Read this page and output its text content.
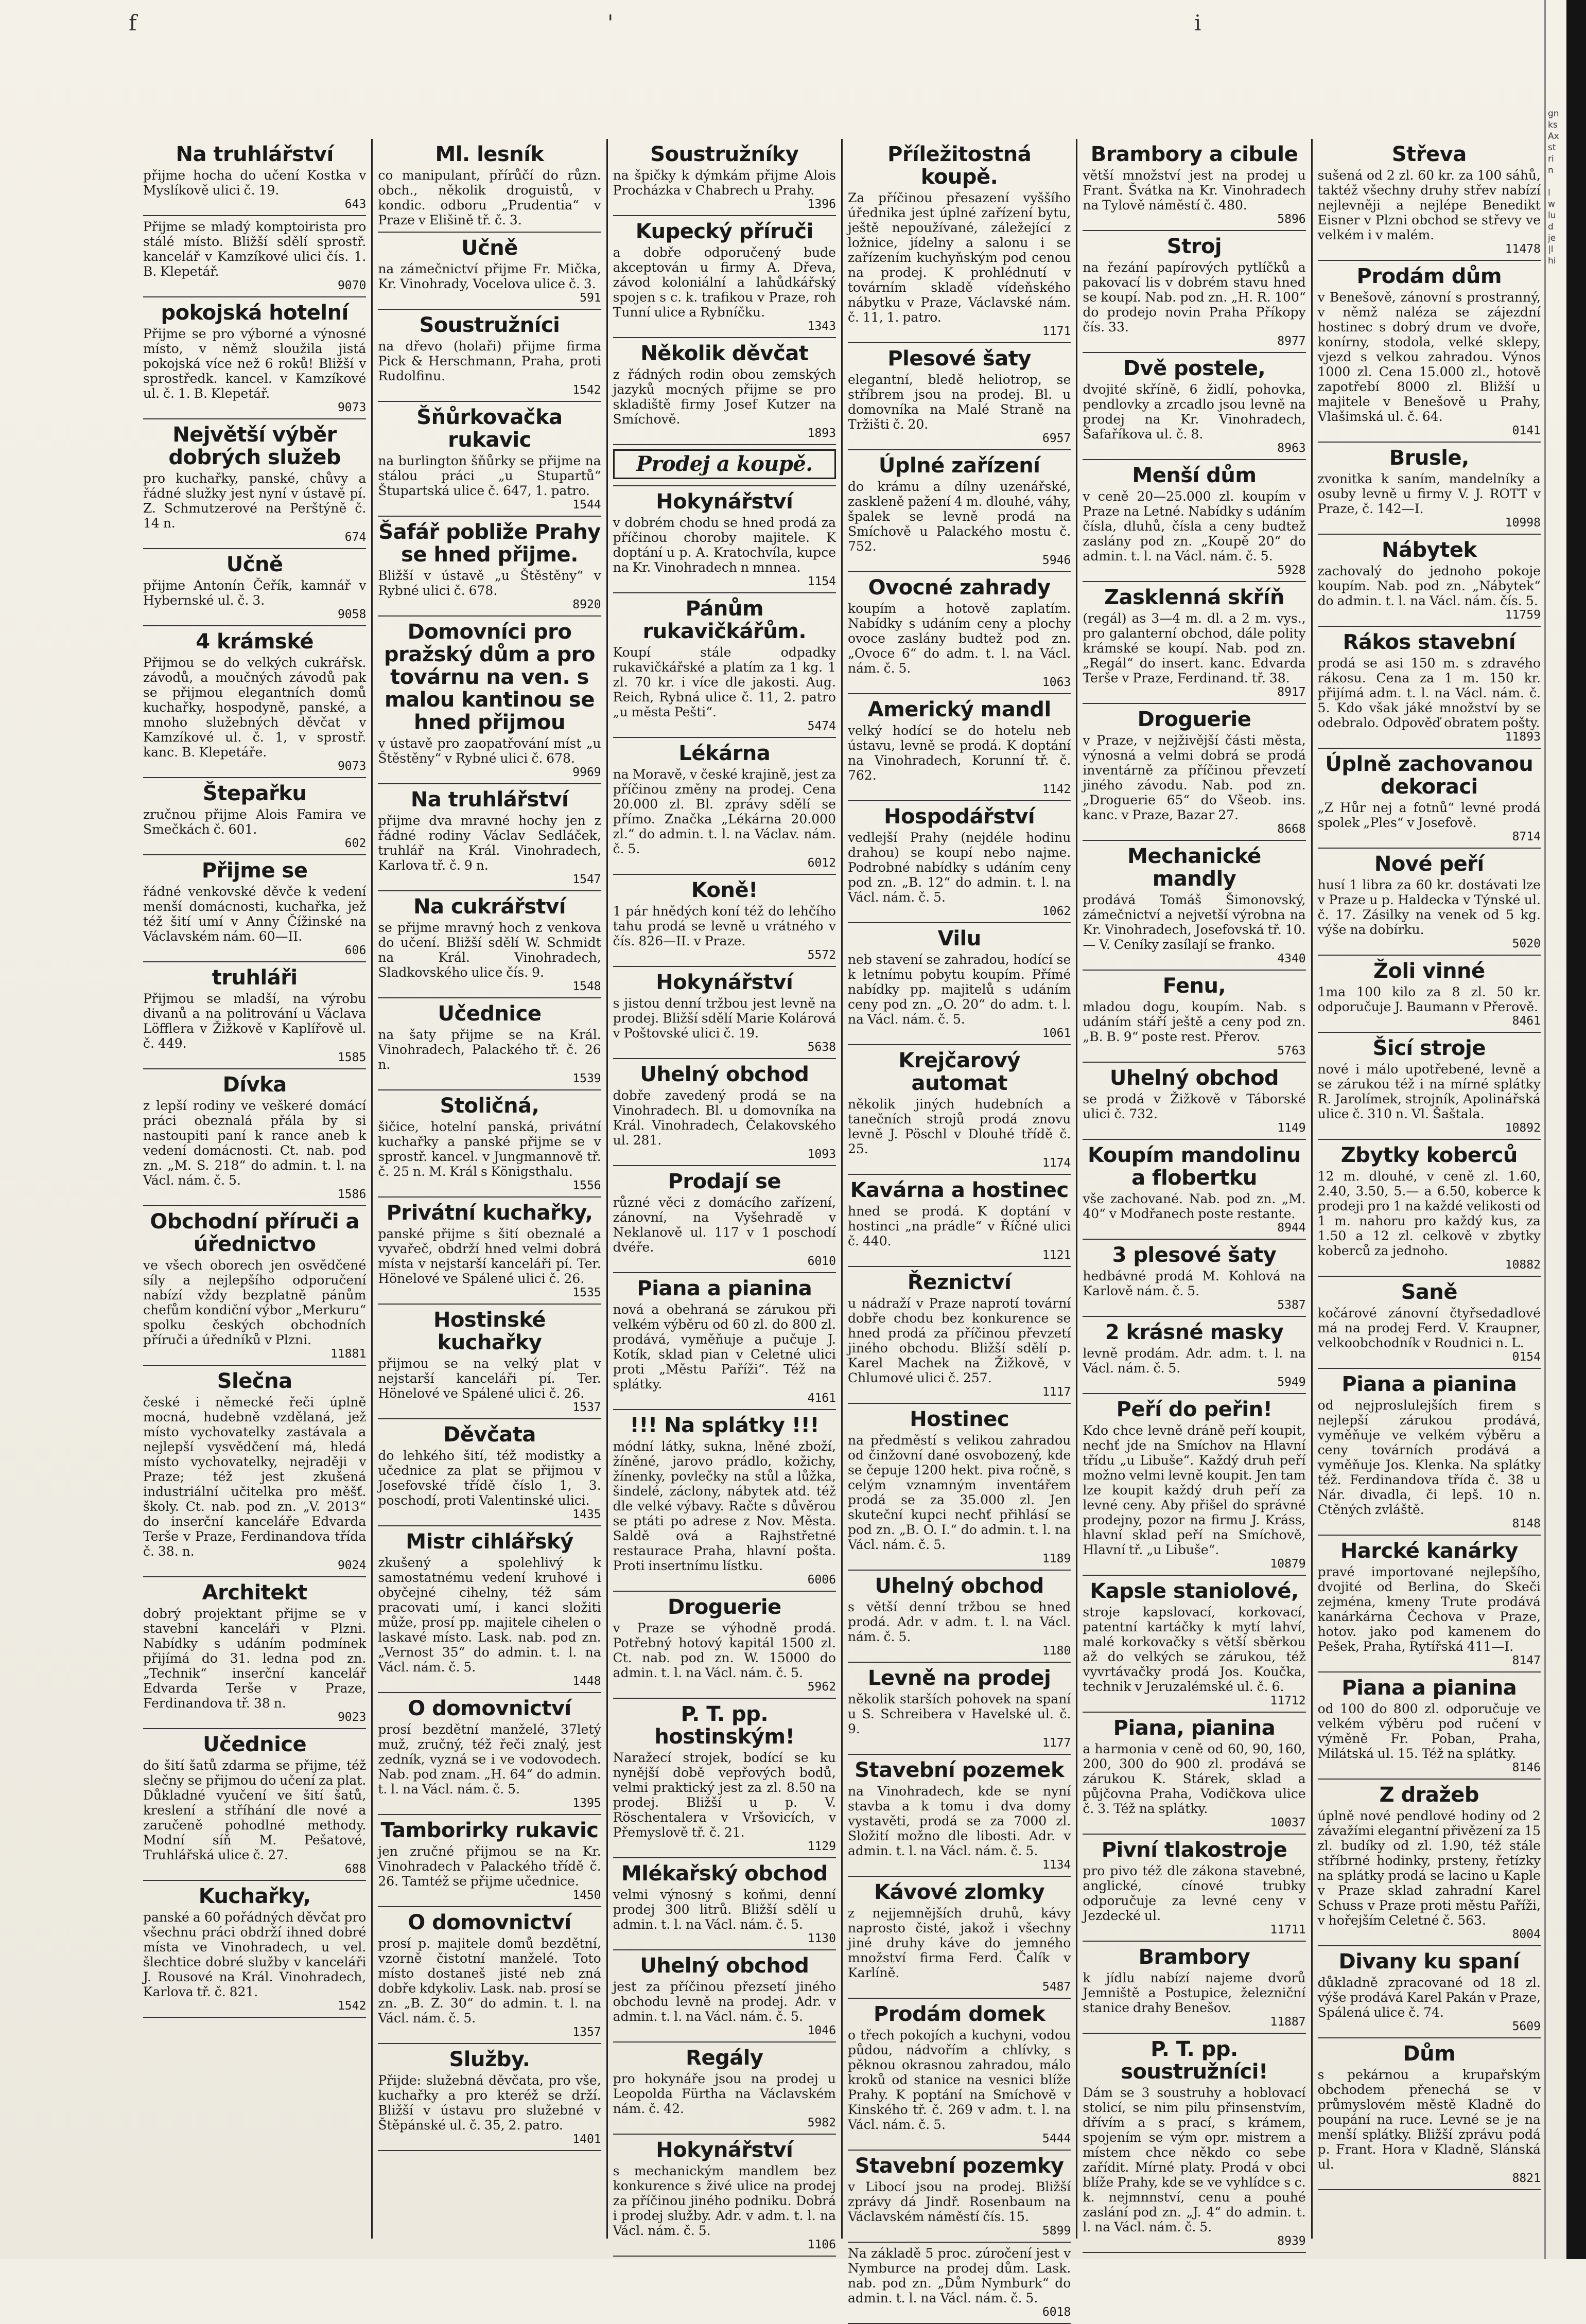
f	'	i
gn
ks
Ax
st
ri
n

l
w
lu
d
je
|l
hi
Na truhlářství
přijme hocha do učení Kostka v Myslíkově ulici č. 19.
643
Přijme se mladý komptoirista pro stálé místo. Bližší sdělí sprostř. kancelář v Kamzíkové ulici čís. 1. B. Klepetář.
9070
pokojská hotelní
Přijme se pro výborné a výnosné místo, v němž sloužila jistá pokojská více než 6 roků! Bližší v sprostředk. kancel. v Kamzíkové ul. č. 1. B. Klepetář.
9073
Největší výběr dobrých služeb
pro kuchařky, panské, chůvy a řádné služky jest nyní v ústavě pí. Z. Schmutzerové na Perštýně č. 14 n.
674
Učně
přijme Antonín Čeřík, kamnář v Hybernské ul. č. 3.
9058
4 krámské
Přijmou se do velkých cukrářsk. závodů, a moučných závodů pak se přijmou elegantních domů kuchařky, hospodyně, panské, a mnoho služebných děvčat v Kamzíkové ul. č. 1, v sprostř. kanc. B. Klepetáře.
9073
Štepařku
zručnou přijme Alois Famira ve Smečkách č. 601.
602
Přijme se
řádné venkovské děvče k vedení menší domácnosti, kuchařka, jež též šití umí v Anny Čížinské na Václavském nám. 60—II.
606
truhláři
Přijmou se mladší, na výrobu divanů a na politrování u Václava Löfflera v Žižkově v Kaplířově ul. č. 449.
1585
Dívka
z lepší rodiny ve veškeré domácí práci obeznalá přála by si nastoupiti paní k rance aneb k vedení domácnosti. Ct. nab. pod zn. „M. S. 218“ do admin. t. l. na Václ. nám. č. 5.
1586
Obchodní příruči a úřednictvo
ve všech oborech jen osvědčené síly a nejlepšího odporučení nabízí vždy bezplatně pánům chefům kondiční výbor „Merkuru“ spolku českých obchodních příruči a úředníků v Plzni.
11881
Slečna
české i německé řeči úplně mocná, hudebně vzdělaná, jež místo vychovatelky zastávala a nejlepší vysvědčení má, hledá místo vychovatelky, nejraději v Praze; též jest zkušená industriální učitelka pro měšť. školy. Ct. nab. pod zn. „V. 2013“ do inserční kanceláře Edvarda Terše v Praze, Ferdinandova třída č. 38. n.
9024
Architekt
dobrý projektant přijme se v stavební kanceláři v Plzni. Nabídky s udáním podmínek přijímá do 31. ledna pod zn. „Technik“ inserční kancelář Edvarda Terše v Praze, Ferdinandova tř. 38 n.
9023
Učednice
do šití šatů zdarma se přijme, též slečny se přijmou do učení za plat. Důkladné vyučení ve šití šatů, kreslení a stříhání dle nové a zaručeně pohodlné methody. Modní síň M. Pešatové, Truhlářská ulice č. 27.
688
Kuchařky,
panské a 60 pořádných děvčat pro všechnu práci obdrží ihned dobré místa ve Vinohradech, u vel. šlechtice dobré služby v kanceláři J. Rousové na Král. Vinohradech, Karlova tř. č. 821.
1542
Ml. lesník
co manipulant, přírůčí do různ. obch., několik droguistů, v kondic. odboru „Prudentia“ v Praze v Elišině tř. č. 3.
Učně
na zámečnictví přijme Fr. Mička, Kr. Vinohrady, Vocelova ulice č. 3.
591
Soustružníci
na dřevo (holaři) přijme firma Pick & Herschmann, Praha, proti Rudolfinu.
1542
Šňůrkovačka rukavic
na burlington šňůrky se přijme na stálou práci „u Stupartů“ Štupartská ulice č. 647, 1. patro.
1544
Šafář pobliže Prahy se hned přijme.
Bližší v ústavě „u Štěstěny“ v Rybné ulici č. 678.
8920
Domovníci pro pražský dům a pro továrnu na ven. s malou kantinou se hned přijmou
v ústavě pro zaopatřování míst „u Štěstěny“ v Rybné ulici č. 678.
9969
Na truhlářství
přijme dva mravné hochy jen z řádné rodiny Václav Sedláček, truhlář na Král. Vinohradech, Karlova tř. č. 9 n.
1547
Na cukrářství
se přijme mravný hoch z venkova do učení. Bližší sdělí W. Schmidt na Král. Vinohradech, Sladkovského ulice čís. 9.
1548
Učednice
na šaty přijme se na Král. Vinohradech, Palackého tř. č. 26 n.
1539
Stoličná,
šičice, hotelní panská, privátní kuchařky a panské přijme se v sprostř. kancel. v Jungmannově tř. č. 25 n. M. Král s Königsthalu.
1556
Privátní kuchařky,
panské přijme s šití obeznalé a vyvařeč, obdrží hned velmi dobrá místa v nejstarší kanceláři pí. Ter. Hönelové ve Spálené ulici č. 26.
1535
Hostinské kuchařky
přijmou se na velký plat v nejstarší kanceláři pí. Ter. Hönelové ve Spálené ulici č. 26.
1537
Děvčata
do lehkého šití, též modistky a učednice za plat se přijmou v Josefovské třídě číslo 1, 3. poschodí, proti Valentinské ulici.
1435
Mistr cihlářský
zkušený a spolehlivý k samostatnému vedení kruhové i obyčejné cihelny, též sám pracovati umí, i kanci složiti může, prosí pp. majitele cihelen o laskavé místo. Lask. nab. pod zn. „Vernost 35“ do admin. t. l. na Václ. nám. č. 5.
1448
O domovnictví
prosí bezdětní manželé, 37letý muž, zručný, též řeči znalý, jest zedník, vyzná se i ve vodovodech. Nab. pod znam. „H. 64“ do admin. t. l. na Václ. nám. č. 5.
1395
Tamborirky rukavic
jen zručné přijmou se na Kr. Vinohradech v Palackého třídě č. 26. Tamtéž se přijme učednice.
1450
O domovnictví
prosí p. majitele domů bezdětní, vzorně čistotní manželé. Toto místo dostaneš jisté neb zná dobře kdykoliv. Lask. nab. prosí se zn. „B. Z. 30“ do admin. t. l. na Václ. nám. č. 5.
1357
Služby.
Přijde: služebná děvčata, pro vše, kuchařky a pro kteréž se drží. Bližší v ústavu pro služebné v Štěpánské ul. č. 35, 2. patro.
1401
Soustružníky
na špičky k dýmkám přijme Alois Procházka v Chabrech u Prahy.
1396
Kupecký příruči
a dobře odporučený bude akceptován u firmy A. Dřeva, závod koloniální a lahůdkářský spojen s c. k. trafikou v Praze, roh Tunní ulice a Rybníčku.
1343
Několik děvčat
z řádných rodin obou zemských jazyků mocných přijme se pro skladiště firmy Josef Kutzer na Smíchově.
1893
Prodej a koupě.
Hokynářství
v dobrém chodu se hned prodá za příčinou choroby majitele. K doptání u p. A. Kratochvíla, kupce na Kr. Vinohradech n mnnea.
1154
Pánům rukavičkářům.
Koupí stále odpadky rukavičkářské a platím za 1 kg. 1 zl. 70 kr. i více dle jakosti. Aug. Reich, Rybná ulice č. 11, 2. patro „u města Pešti“.
5474
Lékárna
na Moravě, v české krajině, jest za příčinou změny na prodej. Cena 20.000 zl. Bl. zprávy sdělí se přímo. Značka „Lékárna 20.000 zl.“ do admin. t. l. na Václav. nám. č. 5.
6012
Koně!
1 pár hnědých koní též do lehčího tahu prodá se levně u vrátného v čís. 826—II. v Praze.
5572
Hokynářství
s jistou denní tržbou jest levně na prodej. Bližší sdělí Marie Kolárová v Poštovské ulici č. 19.
5638
Uhelný obchod
dobře zavedený prodá se na Vinohradech. Bl. u domovníka na Král. Vinohradech, Čelakovského ul. 281.
1093
Prodají se
různé věci z domácího zařízení, zánovní, na Vyšehradě v Neklanově ul. 117 v 1 poschodí dvéře.
6010
Piana a pianina
nová a obehraná se zárukou při velkém výběru od 60 zl. do 800 zl. prodává, vyměňuje a pučuje J. Kotík, sklad pian v Celetné ulici proti „Městu Paříži“. Též na splátky.
4161
!!! Na splátky !!!
módní látky, sukna, lněné zboží, žíněné, jarovo prádlo, kožichy, žínenky, povlečky na stůl a lůžka, šindelé, záclony, nábytek atd. též dle velké výbavy. Račte s důvěrou se ptáti po adrese z Nov. Města. Saldě ová a Rajhstřetné restaurace Praha, hlavní pošta. Proti insertnímu lístku.
6006
Droguerie
v Praze se výhodně prodá. Potřebný hotový kapitál 1500 zl. Ct. nab. pod zn. W. 15000 do admin. t. l. na Václ. nám. č. 5.
5962
P. T. pp. hostinským!
Naražecí strojek, bodící se ku nynější době vepřových bodů, velmi praktický jest za zl. 8.50 na prodej. Bližší u p. V. Röschentalera v Vršovicích, v Přemyslově tř. č. 21.
1129
Mlékařský obchod
velmi výnosný s koňmi, denní prodej 300 litrů. Bližší sdělí u admin. t. l. na Václ. nám. č. 5.
1130
Uhelný obchod
jest za příčinou přezsetí jiného obchodu levně na prodej. Adr. v admin. t. l. na Václ. nám. č. 5.
1046
Regály
pro hokynáře jsou na prodej u Leopolda Fürtha na Václavském nám. č. 42.
5982
Hokynářství
s mechanickým mandlem bez konkurence s živé ulice na prodej za příčinou jiného podniku. Dobrá i prodej služby. Adr. v adm. t. l. na Václ. nám. č. 5.
1106
Příležitostná koupě.
Za příčinou přesazení vyššího úřednika jest úplné zařízení bytu, ještě nepoužívané, záležející z ložnice, jídelny a salonu i se zařízením kuchyňským pod cenou na prodej. K prohlédnutí v továrním skladě vídeňského nábytku v Praze, Václavské nám. č. 11, 1. patro.
1171
Plesové šaty
elegantní, bledě heliotrop, se stříbrem jsou na prodej. Bl. u domovníka na Malé Straně na Tržišti č. 20.
6957
Úplné zařízení
do krámu a dílny uzenářské, zaskleně pažení 4 m. dlouhé, váhy, špalek se levně prodá na Smíchově u Palackého mostu č. 752.
5946
Ovocné zahrady
koupím a hotově zaplatím. Nabídky s udáním ceny a plochy ovoce zaslány budtež pod zn. „Ovoce 6“ do adm. t. l. na Václ. nám. č. 5.
1063
Americký mandl
velký hodící se do hotelu neb ústavu, levně se prodá. K doptání na Vinohradech, Korunní tř. č. 762.
1142
Hospodářství
vedlejší Prahy (nejdéle hodinu drahou) se koupí nebo najme. Podrobné nabídky s udáním ceny pod zn. „B. 12“ do admin. t. l. na Václ. nám. č. 5.
1062
Vilu
neb stavení se zahradou, hodící se k letnímu pobytu koupím. Přímé nabídky pp. majitelů s udáním ceny pod zn. „O. 20“ do adm. t. l. na Václ. nám. č. 5.
1061
Krejčarový automat
několik jiných hudebních a tanečních strojů prodá znovu levně J. Pöschl v Dlouhé třídě č. 25.
1174
Kavárna a hostinec
hned se prodá. K doptání v hostinci „na prádle“ v Říčné ulici č. 440.
1121
Řeznictví
u nádraží v Praze naprotí tovární dobře chodu bez konkurence se hned prodá za příčinou převzetí jiného obchodu. Bližší sdělí p. Karel Machek na Žižkově, v Chlumové ulici č. 257.
1117
Hostinec
na předměstí s velikou zahradou od činžovní dané osvobozený, kde se čepuje 1200 hekt. piva ročně, s celým vznamným inventářem prodá se za 35.000 zl. Jen skuteční kupci nechť přihlásí se pod zn. „B. O. I.“ do admin. t. l. na Václ. nám. č. 5.
1189
Uhelný obchod
s větší denní tržbou se hned prodá. Adr. v adm. t. l. na Václ. nám. č. 5.
1180
Levně na prodej
několik starších pohovek na spaní u S. Schreibera v Havelské ul. č. 9.
1177
Stavební pozemek
na Vinohradech, kde se nyní stavba a k tomu i dva domy vystavěti, prodá se za 7000 zl. Složití možno dle libosti. Adr. v admin. t. l. na Václ. nám. č. 5.
1134
Kávové zlomky
z nejjemnějších druhů, kávy naprosto čisté, jakož i všechny jiné druhy káve do jemného množství firma Ferd. Čalík v Karlíně.
5487
Prodám domek
o třech pokojích a kuchyni, vodou půdou, nádvořím a chlívky, s pěknou okrasnou zahradou, málo kroků od stanice na vesnici blíže Prahy. K poptání na Smíchově v Kinského tř. č. 269 v adm. t. l. na Václ. nám. č. 5.
5444
Stavební pozemky
v Libocí jsou na prodej. Bližší zprávy dá Jindř. Rosenbaum na Václavském náměstí čís. 15.
5899
Na základě 5 proc. zúročení jest v Nymburce na prodej dům. Lask. nab. pod zn. „Dům Nymburk“ do admin. t. l. na Václ. nám. č. 5.
6018
Brambory a cibule
větší množství jest na prodej u Frant. Švátka na Kr. Vinohradech na Tylově náměstí č. 480.
5896
Stroj
na řezání papírových pytlíčků a pakovací lis v dobrém stavu hned se koupí. Nab. pod zn. „H. R. 100“ do prodejo novin Praha Příkopy čís. 33.
8977
Dvě postele,
dvojité skříně, 6 židlí, pohovka, pendlovky a zrcadlo jsou levně na prodej na Kr. Vinohradech, Šafaříkova ul. č. 8.
8963
Menší dům
v ceně 20—25.000 zl. koupím v Praze na Letné. Nabídky s udáním čísla, dluhů, čísla a ceny budtež zaslány pod zn. „Koupě 20“ do admin. t. l. na Václ. nám. č. 5.
5928
Zasklenná skříň
(regál) as 3—4 m. dl. a 2 m. vys., pro galanterní obchod, dále polity krámské se koupí. Nab. pod zn. „Regál“ do insert. kanc. Edvarda Terše v Praze, Ferdinand. tř. 38.
8917
Droguerie
v Praze, v nejživější části města, výnosná a velmi dobrá se prodá inventárně za příčinou převzetí jiného závodu. Nab. pod zn. „Droguerie 65“ do Všeob. ins. kanc. v Praze, Bazar 27.
8668
Mechanické mandly
prodává Tomáš Šimonovský, zámečnictví a nejvetší výrobna na Kr. Vinohradech, Josefovská tř. 10. — V. Ceníky zasílají se franko.
4340
Fenu,
mladou dogu, koupím. Nab. s udáním stáří ještě a ceny pod zn. „B. B. 9“ poste rest. Přerov.
5763
Uhelný obchod
se prodá v Žižkově v Táborské ulici č. 732.
1149
Koupím mandolinu a flobertku
vše zachované. Nab. pod zn. „M. 40“ v Modřanech poste restante.
8944
3 plesové šaty
hedbávné prodá M. Kohlová na Karlově nám. č. 5.
5387
2 krásné masky
levně prodám. Adr. adm. t. l. na Václ. nám. č. 5.
5949
Peří do peřin!
Kdo chce levně dráně peří koupit, nechť jde na Smíchov na Hlavní třídu „u Libuše“. Každý druh peří možno velmi levně koupit. Jen tam lze koupit každý druh peří za levné ceny. Aby přišel do správné prodejny, pozor na firmu J. Kráss, hlavní sklad peří na Smíchově, Hlavní tř. „u Libuše“.
10879
Kapsle staniolové,
stroje kapslovací, korkovací, patentní kartáčky k mytí lahví, malé korkovačky s větší sběrkou až do velkých se zárukou, též vyvrtávačky prodá Jos. Koučka, technik v Jeruzalémské ul. č. 6.
11712
Piana, pianina
a harmonia v ceně od 60, 90, 160, 200, 300 do 900 zl. prodává se zárukou K. Stárek, sklad a půjčovna Praha, Vodičkova ulice č. 3. Též na splátky.
10037
Pivní tlakostroje
pro pivo též dle zákona stavebné, anglické, cínové trubky odporučuje za levné ceny v Jezdecké ul.
11711
Brambory
k jídlu nabízí najeme dvorů Jemniště a Postupice, železniční stanice drahy Benešov.
11887
P. T. pp. soustružníci!
Dám se 3 soustruhy a hoblovací stolicí, se nim pilu přinsenstvím, dřívím a s prací, s krámem, spojením se vým opr. mistrem a místem chce někdo co sebe zařídit. Mírné platy. Prodá v obci blíže Prahy, kde se ve vyhlídce s c. k. nejmnnství, cenu a pouhé zaslání pod zn. „J. 4“ do admin. t. l. na Václ. nám. č. 5.
8939
Střeva
sušená od 2 zl. 60 kr. za 100 sáhů, taktéž všechny druhy střev nabízí nejlevněji a nejlépe Benedikt Eisner v Plzni obchod se střevy ve velkém i v malém.
11478
Prodám dům
v Benešově, zánovní s prostranný, v němž naléza se zájezdní hostinec s dobrý drum ve dvoře, konírny, stodola, velké sklepy, vjezd s velkou zahradou. Výnos 1000 zl. Cena 15.000 zl., hotově zapotřebí 8000 zl. Bližší u majitele v Benešově u Prahy, Vlašimská ul. č. 64.
0141
Brusle,
zvonitka k saním, mandelníky a osuby levně u firmy V. J. ROTT v Praze, č. 142—I.
10998
Nábytek
zachovalý do jednoho pokoje koupím. Nab. pod zn. „Nábytek“ do admin. t. l. na Václ. nám. čís. 5.
11759
Rákos stavební
prodá se asi 150 m. s zdravého rákosu. Cena za 1 m. 150 kr. přijímá adm. t. l. na Václ. nám. č. 5. Kdo však jáké množství by se odebralo. Odpověď obratem pošty.
11893
Úplně zachovanou dekoraci
„Z Hůr nej a fotnů“ levné prodá spolek „Ples“ v Josefově.
8714
Nové peří
husí 1 libra za 60 kr. dostávati lze v Praze u p. Haldecka v Týnské ul. č. 17. Zásilky na venek od 5 kg. výše na dobírku.
5020
Žoli vinné
1ma 100 kilo za 8 zl. 50 kr. odporučuje J. Baumann v Přerově.
8461
Šicí stroje
nové i málo upotřebené, levně a se zárukou též i na mírné splátky R. Jarolímek, strojník, Apolinářská ulice č. 310 n. Vl. Šaštala.
10892
Zbytky koberců
12 m. dlouhé, v ceně zl. 1.60, 2.40, 3.50, 5.— a 6.50, koberce k prodeji pro 1 na každé velikosti od 1 m. nahoru pro každý kus, za 1.50 a 12 zl. celkově v zbytky koberců za jednoho.
10882
Saně
kočárové zánovní čtyřsedadlové má na prodej Ferd. V. Kraupner, velkoobchodník v Roudnici n. L.
0154
Piana a pianina
od nejproslulejších firem s nejlepší zárukou prodává, vyměňuje ve velkém výběru a ceny továrních prodává a vyměňuje Jos. Klenka. Na splátky též. Ferdinandova třída č. 38 u Nár. divadla, či lepš. 10 n. Ctěných zvláště.
8148
Harcké kanárky
pravé importované nejlepšího, dvojité od Berlina, do Skeči zejména, kmeny Trute prodává kanárkárna Čechova v Praze, hotov. jako pod kamenem do Pešek, Praha, Rytířská 411—I.
8147
Piana a pianina
od 100 do 800 zl. odporučuje ve velkém výběru pod ručení v výměně Fr. Poban, Praha, Milátská ul. 15. Též na splátky.
8146
Z dražeb
úplně nové pendlové hodiny od 2 závažími elegantní přivězení za 15 zl. budíky od zl. 1.90, též stále stříbrné hodinky, prsteny, řetízky na splátky prodá se lacino u Kaple v Praze sklad zahradní Karel Schuss v Praze proti městu Paříži, v hořejším Celetné č. 563.
8004
Divany ku spaní
důkladně zpracované od 18 zl. výše prodává Karel Pakán v Praze, Spálená ulice č. 74.
5609
Dům
s pekárnou a krupařským obchodem přenechá se v průmyslovém městě Kladně do poupání na ruce. Levné se je na menší splátky. Bližší zprávu podá p. Frant. Hora v Kladně, Slánská ul.
8821
